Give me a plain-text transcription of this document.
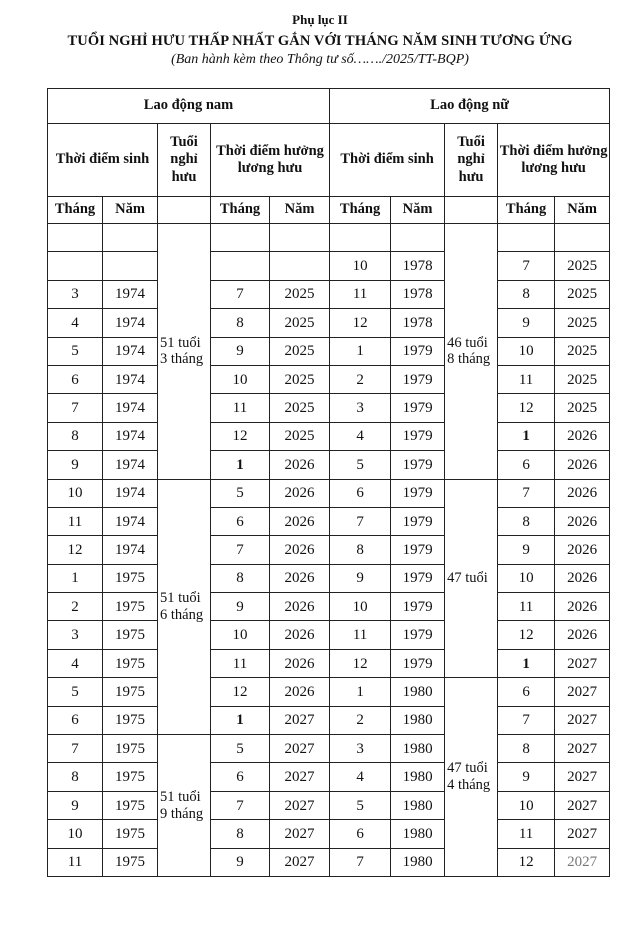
Phụ lục II
TUỔI NGHỈ HƯU THẤP NHẤT GẮN VỚI THÁNG NĂM SINH TƯƠNG ỨNG
(Ban hành kèm theo Thông tư số……./2025/TT-BQP)
Lao động nam					Lao động nữ				
Thời điểm sinh		Tuổi nghỉ hưu	Thời điểm hưởng lương hưu		Thời điểm sinh		Tuổi nghỉ hưu	Thời điểm hưởng lương hưu	
Tháng	Năm		Tháng	Năm	Tháng	Năm		Tháng	Năm
		51 tuổi 3 tháng					46 tuổi 8 tháng		
					10	1978		7	2025
3	1974		7	2025	11	1978		8	2025
4	1974		8	2025	12	1978		9	2025
5	1974		9	2025	1	1979		10	2025
6	1974		10	2025	2	1979		11	2025
7	1974		11	2025	3	1979		12	2025
8	1974		12	2025	4	1979		1	2026
9	1974		1	2026	5	1979		6	2026
10	1974	51 tuổi 6 tháng	5	2026	6	1979	47 tuổi	7	2026
11	1974		6	2026	7	1979		8	2026
12	1974		7	2026	8	1979		9	2026
1	1975		8	2026	9	1979		10	2026
2	1975		9	2026	10	1979		11	2026
3	1975		10	2026	11	1979		12	2026
4	1975		11	2026	12	1979		1	2027
5	1975		12	2026	1	1980	47 tuổi 4 tháng	6	2027
6	1975		1	2027	2	1980		7	2027
7	1975	51 tuổi 9 tháng	5	2027	3	1980		8	2027
8	1975		6	2027	4	1980		9	2027
9	1975		7	2027	5	1980		10	2027
10	1975		8	2027	6	1980		11	2027
11	1975		9	2027	7	1980		12	2027
